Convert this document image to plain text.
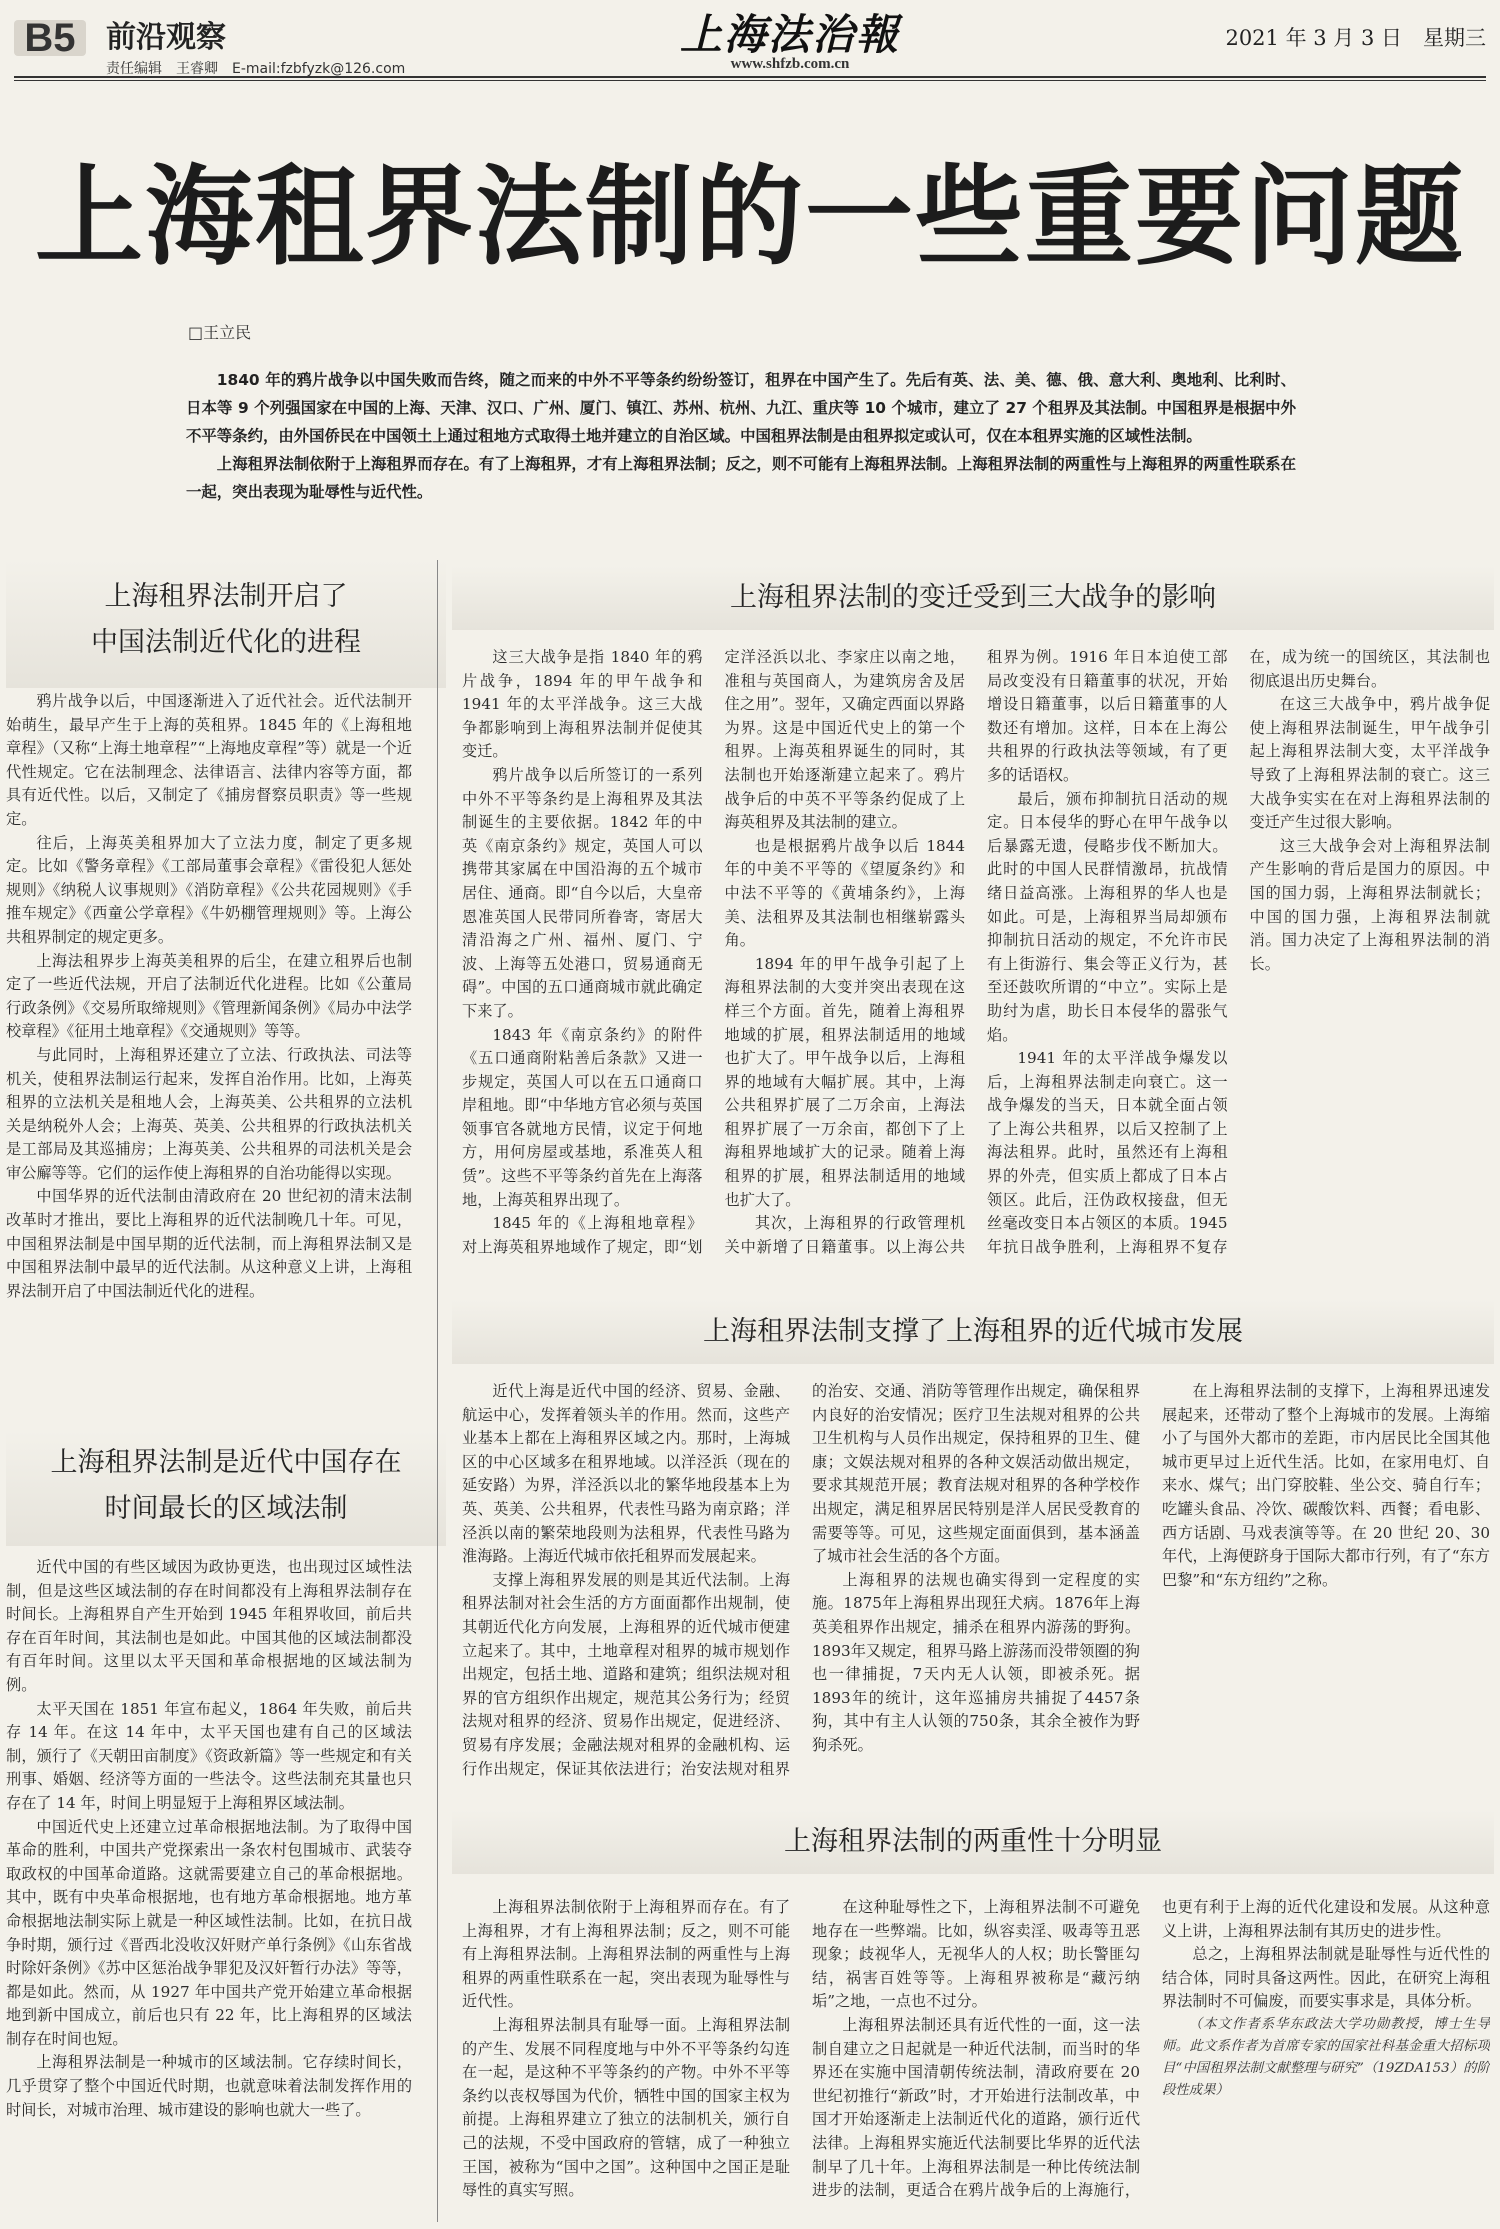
B5	前沿观察
责任编辑　王睿卿　E-mail:fzbfyzk@126.com
上海法治報
www.shfzb.com.cn
2021 年 3 月 3 日　星期三
上海租界法制的一些重要问题
□王立民

1840 年的鸦片战争以中国失败而告终，随之而来的中外不平等条约纷纷签订，租界在中国产生了。先后有英、法、美、德、俄、意大利、奥地利、比利时、日本等 9 个列强国家在中国的上海、天津、汉口、广州、厦门、镇江、苏州、杭州、九江、重庆等 10 个城市，建立了 27 个租界及其法制。中国租界是根据中外不平等条约，由外国侨民在中国领土上通过租地方式取得土地并建立的自治区域。中国租界法制是由租界拟定或认可，仅在本租界实施的区域性法制。

上海租界法制依附于上海租界而存在。有了上海租界，才有上海租界法制；反之，则不可能有上海租界法制。上海租界法制的两重性与上海租界的两重性联系在一起，突出表现为耻辱性与近代性。

上海租界法制开启了
中国法制近代化的进程

鸦片战争以后，中国逐渐进入了近代社会。近代法制开始萌生，最早产生于上海的英租界。1845 年的《上海租地章程》（又称“上海土地章程”“上海地皮章程”等）就是一个近代性规定。它在法制理念、法律语言、法律内容等方面，都具有近代性。以后，又制定了《捕房督察员职责》等一些规定。

往后，上海英美租界加大了立法力度，制定了更多规定。比如《警务章程》《工部局董事会章程》《雷役犯人惩处规则》《纳税人议事规则》《消防章程》《公共花园规则》《手推车规定》《西童公学章程》《牛奶棚管理规则》等。上海公共租界制定的规定更多。

上海法租界步上海英美租界的后尘，在建立租界后也制定了一些近代法规，开启了法制近代化进程。比如《公董局行政条例》《交易所取缔规则》《管理新闻条例》《局办中法学校章程》《征用土地章程》《交通规则》等等。

与此同时，上海租界还建立了立法、行政执法、司法等机关，使租界法制运行起来，发挥自治作用。比如，上海英租界的立法机关是租地人会，上海英美、公共租界的立法机关是纳税外人会；上海英、英美、公共租界的行政执法机关是工部局及其巡捕房；上海英美、公共租界的司法机关是会审公廨等等。它们的运作使上海租界的自治功能得以实现。

中国华界的近代法制由清政府在 20 世纪初的清末法制改革时才推出，要比上海租界的近代法制晚几十年。可见，中国租界法制是中国早期的近代法制，而上海租界法制又是中国租界法制中最早的近代法制。从这种意义上讲，上海租界法制开启了中国法制近代化的进程。

上海租界法制是近代中国存在
时间最长的区域法制

近代中国的有些区域因为政协更迭，也出现过区域性法制，但是这些区域法制的存在时间都没有上海租界法制存在时间长。上海租界自产生开始到 1945 年租界收回，前后共存在百年时间，其法制也是如此。中国其他的区域法制都没有百年时间。这里以太平天国和革命根据地的区域法制为例。

太平天国在 1851 年宣布起义，1864 年失败，前后共存 14 年。在这 14 年中，太平天国也建有自己的区域法制，颁行了《天朝田亩制度》《资政新篇》等一些规定和有关刑事、婚姻、经济等方面的一些法令。这些法制充其量也只存在了 14 年，时间上明显短于上海租界区域法制。

中国近代史上还建立过革命根据地法制。为了取得中国革命的胜利，中国共产党探索出一条农村包围城市、武装夺取政权的中国革命道路。这就需要建立自己的革命根据地。其中，既有中央革命根据地，也有地方革命根据地。地方革命根据地法制实际上就是一种区域性法制。比如，在抗日战争时期，颁行过《晋西北没收汉奸财产单行条例》《山东省战时除奸条例》《苏中区惩治战争罪犯及汉奸暂行办法》等等，都是如此。然而，从 1927 年中国共产党开始建立革命根据地到新中国成立，前后也只有 22 年，比上海租界的区域法制存在时间也短。

上海租界法制是一种城市的区域法制。它存续时间长，几乎贯穿了整个中国近代时期，也就意味着法制发挥作用的时间长，对城市治理、城市建设的影响也就大一些了。

上海租界法制的变迁受到三大战争的影响

这三大战争是指 1840 年的鸦片战争，1894 年的甲午战争和 1941 年的太平洋战争。这三大战争都影响到上海租界法制并促使其变迁。

鸦片战争以后所签订的一系列中外不平等条约是上海租界及其法制诞生的主要依据。1842 年的中英《南京条约》规定，英国人可以携带其家属在中国沿海的五个城市居住、通商。即“自今以后，大皇帝恩准英国人民带同所眷寄，寄居大清沿海之广州、福州、厦门、宁波、上海等五处港口，贸易通商无碍”。中国的五口通商城市就此确定下来了。

1843 年《南京条约》的附件《五口通商附粘善后条款》又进一步规定，英国人可以在五口通商口岸租地。即“中华地方官必须与英国领事官各就地方民情，议定于何地方，用何房屋或基地，系准英人租赁”。这些不平等条约首先在上海落地，上海英租界出现了。

1845 年的《上海租地章程》对上海英租界地域作了规定，即“划定洋泾浜以北、李家庄以南之地，准租与英国商人，为建筑房舍及居住之用”。翌年，又确定西面以界路为界。这是中国近代史上的第一个租界。上海英租界诞生的同时，其法制也开始逐渐建立起来了。鸦片战争后的中英不平等条约促成了上海英租界及其法制的建立。

也是根据鸦片战争以后 1844 年的中美不平等的《望厦条约》和中法不平等的《黄埔条约》，上海美、法租界及其法制也相继崭露头角。

1894 年的甲午战争引起了上海租界法制的大变并突出表现在这样三个方面。首先，随着上海租界地域的扩展，租界法制适用的地域也扩大了。甲午战争以后，上海租界的地域有大幅扩展。其中，上海公共租界扩展了二万余亩，上海法租界扩展了一万余亩，都创下了上海租界地域扩大的记录。随着上海租界的扩展，租界法制适用的地域也扩大了。

其次，上海租界的行政管理机关中新增了日籍董事。以上海公共租界为例。1916 年日本迫使工部局改变没有日籍董事的状况，开始增设日籍董事，以后日籍董事的人数还有增加。这样，日本在上海公共租界的行政执法等领域，有了更多的话语权。

最后，颁布抑制抗日活动的规定。日本侵华的野心在甲午战争以后暴露无遗，侵略步伐不断加大。此时的中国人民群情激昂，抗战情绪日益高涨。上海租界的华人也是如此。可是，上海租界当局却颁布抑制抗日活动的规定，不允许市民有上街游行、集会等正义行为，甚至还鼓吹所谓的“中立”。实际上是助纣为虐，助长日本侵华的嚣张气焰。

1941 年的太平洋战争爆发以后，上海租界法制走向衰亡。这一战争爆发的当天，日本就全面占领了上海公共租界，以后又控制了上海法租界。此时，虽然还有上海租界的外壳，但实质上都成了日本占领区。此后，汪伪政权接盘，但无丝毫改变日本占领区的本质。1945 年抗日战争胜利，上海租界不复存在，成为统一的国统区，其法制也彻底退出历史舞台。

在这三大战争中，鸦片战争促使上海租界法制诞生，甲午战争引起上海租界法制大变，太平洋战争导致了上海租界法制的衰亡。这三大战争实实在在对上海租界法制的变迁产生过很大影响。

这三大战争会对上海租界法制产生影响的背后是国力的原因。中国的国力弱，上海租界法制就长；中国的国力强，上海租界法制就消。国力决定了上海租界法制的消长。

上海租界法制支撑了上海租界的近代城市发展

近代上海是近代中国的经济、贸易、金融、航运中心，发挥着领头羊的作用。然而，这些产业基本上都在上海租界区域之内。那时，上海城区的中心区域多在租界地域。以洋泾浜（现在的延安路）为界，洋泾浜以北的繁华地段基本上为英、英美、公共租界，代表性马路为南京路；洋泾浜以南的繁荣地段则为法租界，代表性马路为淮海路。上海近代城市依托租界而发展起来。

支撑上海租界发展的则是其近代法制。上海租界法制对社会生活的方方面面都作出规制，使其朝近代化方向发展，上海租界的近代城市便建立起来了。其中，土地章程对租界的城市规划作出规定，包括土地、道路和建筑；组织法规对租界的官方组织作出规定，规范其公务行为；经贸法规对租界的经济、贸易作出规定，促进经济、贸易有序发展；金融法规对租界的金融机构、运行作出规定，保证其依法进行；治安法规对租界的治安、交通、消防等管理作出规定，确保租界内良好的治安情况；医疗卫生法规对租界的公共卫生机构与人员作出规定，保持租界的卫生、健康；文娱法规对租界的各种文娱活动做出规定，要求其规范开展；教育法规对租界的各种学校作出规定，满足租界居民特别是洋人居民受教育的需要等等。可见，这些规定面面俱到，基本涵盖了城市社会生活的各个方面。

上海租界的法规也确实得到一定程度的实施。1875年上海租界出现狂犬病。1876年上海英美租界作出规定，捕杀在租界内游荡的野狗。1893年又规定，租界马路上游荡而没带领圈的狗也一律捕捉，7天内无人认领，即被杀死。据1893年的统计，这年巡捕房共捕捉了4457条狗，其中有主人认领的750条，其余全被作为野狗杀死。

在上海租界法制的支撑下，上海租界迅速发展起来，还带动了整个上海城市的发展。上海缩小了与国外大都市的差距，市内居民比全国其他城市更早过上近代生活。比如，在家用电灯、自来水、煤气；出门穿胶鞋、坐公交、骑自行车；吃罐头食品、冷饮、碳酸饮料、西餐；看电影、西方话剧、马戏表演等等。在 20 世纪 20、30 年代，上海便跻身于国际大都市行列，有了“东方巴黎”和“东方纽约”之称。

上海租界法制的两重性十分明显

上海租界法制依附于上海租界而存在。有了上海租界，才有上海租界法制；反之，则不可能有上海租界法制。上海租界法制的两重性与上海租界的两重性联系在一起，突出表现为耻辱性与近代性。

上海租界法制具有耻辱一面。上海租界法制的产生、发展不同程度地与中外不平等条约勾连在一起，是这种不平等条约的产物。中外不平等条约以丧权辱国为代价，牺牲中国的国家主权为前提。上海租界建立了独立的法制机关，颁行自己的法规，不受中国政府的管辖，成了一种独立王国，被称为“国中之国”。这种国中之国正是耻辱性的真实写照。

在这种耻辱性之下，上海租界法制不可避免地存在一些弊端。比如，纵容卖淫、吸毒等丑恶现象；歧视华人，无视华人的人权；助长警匪勾结，祸害百姓等等。上海租界被称是“藏污纳垢”之地，一点也不过分。

上海租界法制还具有近代性的一面，这一法制自建立之日起就是一种近代法制，而当时的华界还在实施中国清朝传统法制，清政府要在 20 世纪初推行“新政”时，才开始进行法制改革，中国才开始逐渐走上法制近代化的道路，颁行近代法律。上海租界实施近代法制要比华界的近代法制早了几十年。上海租界法制是一种比传统法制进步的法制，更适合在鸦片战争后的上海施行，也更有利于上海的近代化建设和发展。从这种意义上讲，上海租界法制有其历史的进步性。

总之，上海租界法制就是耻辱性与近代性的结合体，同时具备这两性。因此，在研究上海租界法制时不可偏废，而要实事求是，具体分析。

（本文作者系华东政法大学功勋教授，博士生导师。此文系作者为首席专家的国家社科基金重大招标项目“中国租界法制文献整理与研究”（19ZDA153）的阶段性成果）
